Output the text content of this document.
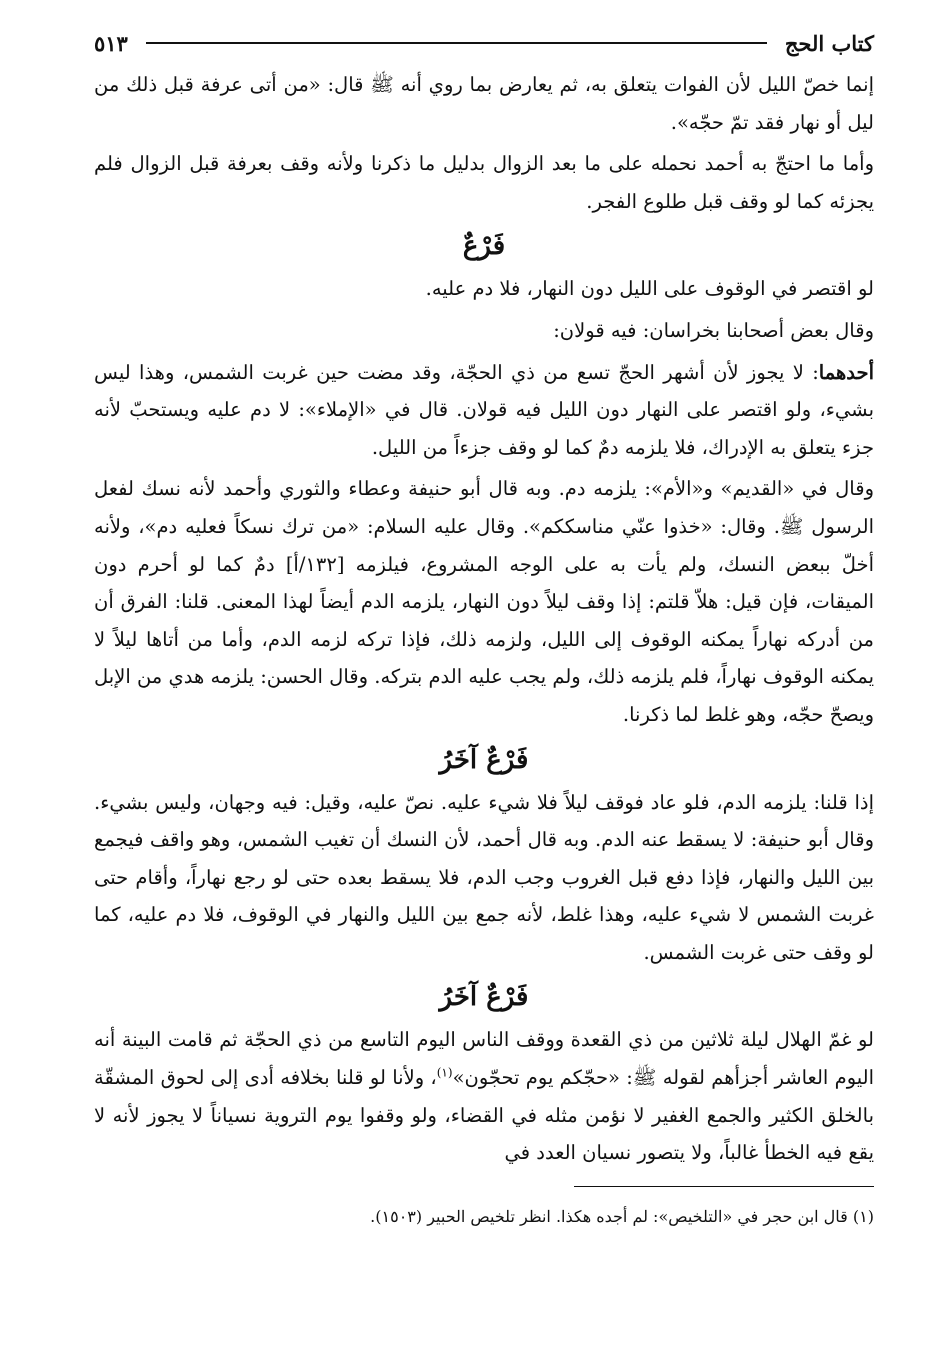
كتاب الحج
٥١٣

إنما خصّ الليل لأن الفوات يتعلق به، ثم يعارض بما روي أنه ﷺ قال: «من أتى عرفة قبل ذلك من ليل أو نهار فقد تمّ حجّه».

وأما ما احتجّ به أحمد نحمله على ما بعد الزوال بدليل ما ذكرنا ولأنه وقف بعرفة قبل الزوال فلم يجزئه كما لو وقف قبل طلوع الفجر.

فَرْعٌ

لو اقتصر في الوقوف على الليل دون النهار، فلا دم عليه.

وقال بعض أصحابنا بخراسان: فيه قولان:

أحدهما: لا يجوز لأن أشهر الحجّ تسع من ذي الحجّة، وقد مضت حين غربت الشمس، وهذا ليس بشيء، ولو اقتصر على النهار دون الليل فيه قولان. قال في «الإملاء»: لا دم عليه ويستحبّ لأنه جزء يتعلق به الإدراك، فلا يلزمه دمٌ كما لو وقف جزءاً من الليل.

وقال في «القديم» و«الأم»: يلزمه دم. وبه قال أبو حنيفة وعطاء والثوري وأحمد لأنه نسك لفعل الرسول ﷺ. وقال: «خذوا عنّي مناسككم». وقال عليه السلام: «من ترك نسكاً فعليه دم»، ولأنه أخلّ ببعض النسك، ولم يأت به على الوجه المشروع، فيلزمه [١٣٢/أ] دمٌ كما لو أحرم دون الميقات، فإن قيل: هلاّ قلتم: إذا وقف ليلاً دون النهار، يلزمه الدم أيضاً لهذا المعنى. قلنا: الفرق أن من أدركه نهاراً يمكنه الوقوف إلى الليل، ولزمه ذلك، فإذا تركه لزمه الدم، وأما من أتاها ليلاً لا يمكنه الوقوف نهاراً، فلم يلزمه ذلك، ولم يجب عليه الدم بتركه. وقال الحسن: يلزمه هدي من الإبل ويصحّ حجّه، وهو غلط لما ذكرنا.

فَرْعٌ آخَرُ

إذا قلنا: يلزمه الدم، فلو عاد فوقف ليلاً فلا شيء عليه. نصّ عليه، وقيل: فيه وجهان، وليس بشيء. وقال أبو حنيفة: لا يسقط عنه الدم. وبه قال أحمد، لأن النسك أن تغيب الشمس، وهو واقف فيجمع بين الليل والنهار، فإذا دفع قبل الغروب وجب الدم، فلا يسقط بعده حتى لو رجع نهاراً، وأقام حتى غربت الشمس لا شيء عليه، وهذا غلط، لأنه جمع بين الليل والنهار في الوقوف، فلا دم عليه، كما لو وقف حتى غربت الشمس.

فَرْعٌ آخَرُ

لو غمّ الهلال ليلة ثلاثين من ذي القعدة ووقف الناس اليوم التاسع من ذي الحجّة ثم قامت البينة أنه اليوم العاشر أجزأهم لقوله ﷺ: «حجّكم يوم تحجّون»$^{(١)}$، ولأنا لو قلنا بخلافه أدى إلى لحوق المشقّة بالخلق الكثير والجمع الغفير لا نؤمن مثله في القضاء، ولو وقفوا يوم التروية نسياناً لا يجوز لأنه لا يقع فيه الخطأ غالباً، ولا يتصور نسيان العدد في

(١) قال ابن حجر في «التلخيص»: لم أجده هكذا. انظر تلخيص الحبير (١٥٠٣).
